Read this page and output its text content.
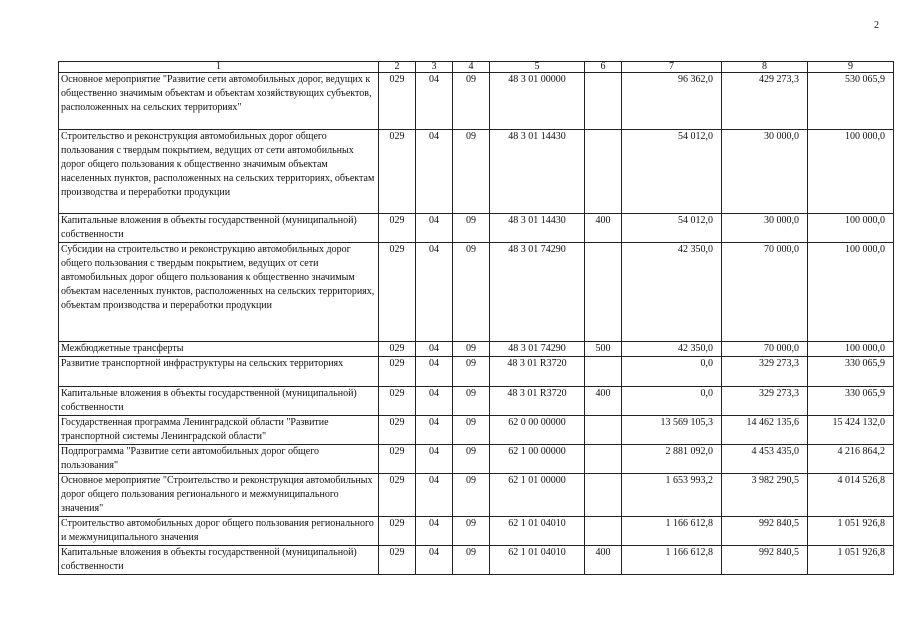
2
1	2	3	4	5	6	7	8	9
Основное мероприятие "Развитие сети автомобильных дорог, ведущих к общественно значимым объектам и объектам хозяйствующих субъектов, расположенных на сельских территориях"	029	04	09	48 3 01 00000		96 362,0	429 273,3	530 065,9
Строительство и реконструкция автомобильных дорог общего пользования с твердым покрытием, ведущих от сети автомобильных дорог общего пользования к общественно значимым объектам населенных пунктов, расположенных на сельских территориях, объектам производства и переработки продукции	029	04	09	48 3 01 14430		54 012,0	30 000,0	100 000,0
Капитальные вложения в объекты государственной (муниципальной) собственности	029	04	09	48 3 01 14430	400	54 012,0	30 000,0	100 000,0
Субсидии на строительство и реконструкцию автомобильных дорог общего пользования с твердым покрытием, ведущих от сети автомобильных дорог общего пользования к общественно значимым объектам населенных пунктов, расположенных на сельских территориях, объектам производства и переработки продукции	029	04	09	48 3 01 74290		42 350,0	70 000,0	100 000,0
Межбюджетные трансферты	029	04	09	48 3 01 74290	500	42 350,0	70 000,0	100 000,0
Развитие транспортной инфраструктуры на сельских территориях	029	04	09	48 3 01 R3720		0,0	329 273,3	330 065,9
Капитальные вложения в объекты государственной (муниципальной) собственности	029	04	09	48 3 01 R3720	400	0,0	329 273,3	330 065,9
Государственная программа Ленинградской области "Развитие транспортной системы Ленинградской области"	029	04	09	62 0 00 00000		13 569 105,3	14 462 135,6	15 424 132,0
Подпрограмма "Развитие сети автомобильных дорог общего пользования"	029	04	09	62 1 00 00000		2 881 092,0	4 453 435,0	4 216 864,2
Основное мероприятие "Строительство и реконструкция автомобильных дорог общего пользования регионального и межмуниципального значения"	029	04	09	62 1 01 00000		1 653 993,2	3 982 290,5	4 014 526,8
Строительство автомобильных дорог общего пользования регионального и межмуниципального значения	029	04	09	62 1 01 04010		1 166 612,8	992 840,5	1 051 926,8
Капитальные вложения в объекты государственной (муниципальной) собственности	029	04	09	62 1 01 04010	400	1 166 612,8	992 840,5	1 051 926,8
